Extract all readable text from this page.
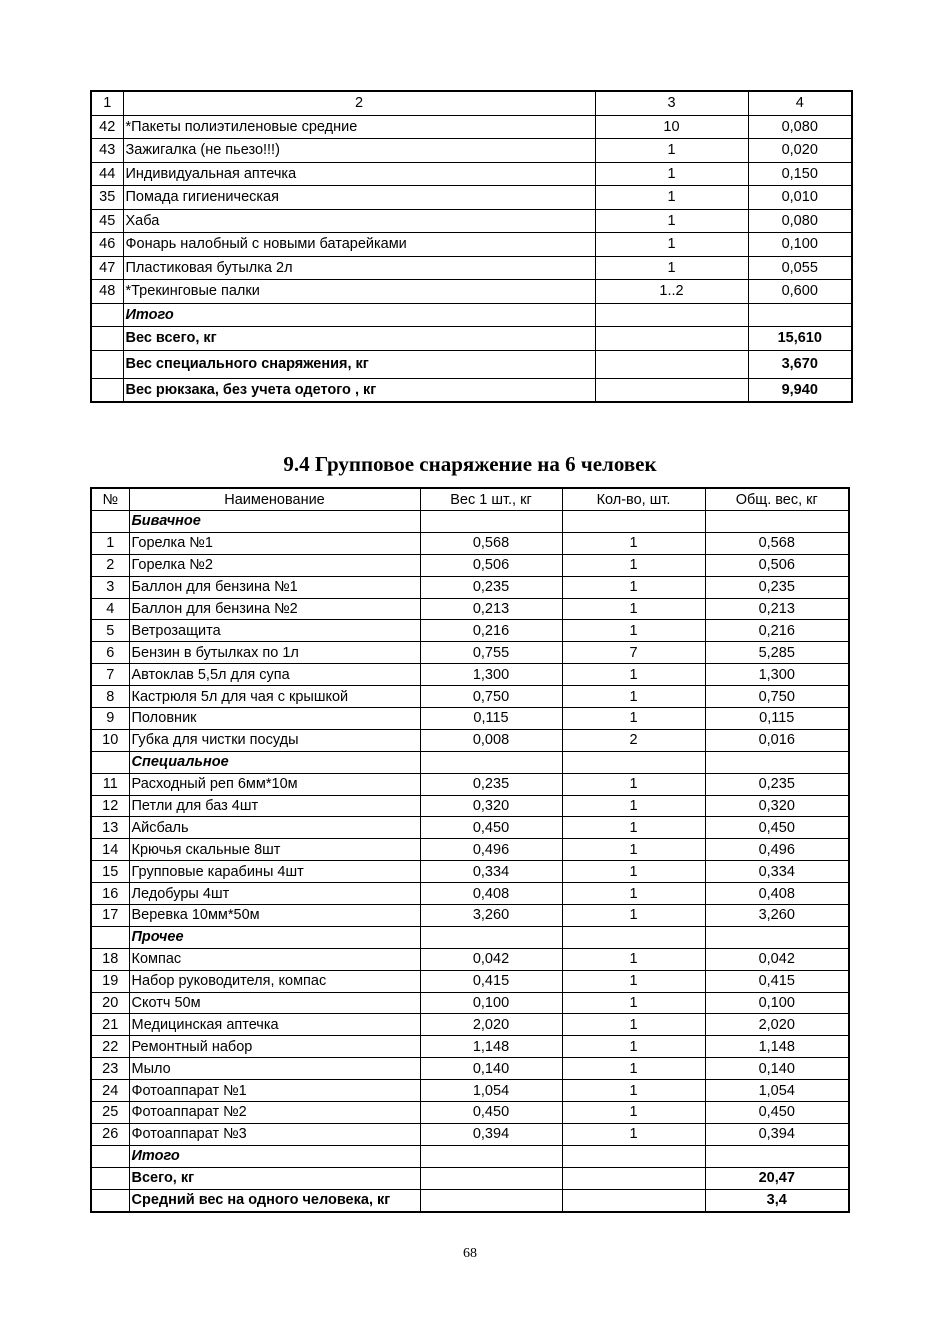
1	2	3	4
42	*Пакеты полиэтиленовые средние	10	0,080
43	Зажигалка (не пьезо!!!)	1	0,020
44	Индивидуальная аптечка	1	0,150
35	Помада гигиеническая	1	0,010
45	Хаба	1	0,080
46	Фонарь налобный с новыми батарейками	1	0,100
47	Пластиковая бутылка 2л	1	0,055
48	*Трекинговые палки	1..2	0,600
	Итого		
	Вес всего, кг		15,610
	Вес специального снаряжения, кг		3,670
	Вес рюкзака, без учета одетого , кг		9,940
9.4 Групповое снаряжение на 6 человек
№	Наименование	Вес 1 шт., кг	Кол-во, шт.	Общ. вес, кг
	Бивачное			
1	Горелка №1	0,568	1	0,568
2	Горелка №2	0,506	1	0,506
3	Баллон для бензина №1	0,235	1	0,235
4	Баллон для бензина №2	0,213	1	0,213
5	Ветрозащита	0,216	1	0,216
6	Бензин в бутылках по 1л	0,755	7	5,285
7	Автоклав 5,5л для супа	1,300	1	1,300
8	Кастрюля 5л для чая с крышкой	0,750	1	0,750
9	Половник	0,115	1	0,115
10	Губка для чистки посуды	0,008	2	0,016
	Специальное			
11	Расходный реп 6мм*10м	0,235	1	0,235
12	Петли для баз 4шт	0,320	1	0,320
13	Айсбаль	0,450	1	0,450
14	Крючья скальные 8шт	0,496	1	0,496
15	Групповые карабины 4шт	0,334	1	0,334
16	Ледобуры 4шт	0,408	1	0,408
17	Веревка 10мм*50м	3,260	1	3,260
	Прочее			
18	Компас	0,042	1	0,042
19	Набор руководителя, компас	0,415	1	0,415
20	Скотч 50м	0,100	1	0,100
21	Медицинская аптечка	2,020	1	2,020
22	Ремонтный набор	1,148	1	1,148
23	Мыло	0,140	1	0,140
24	Фотоаппарат №1	1,054	1	1,054
25	Фотоаппарат №2	0,450	1	0,450
26	Фотоаппарат №3	0,394	1	0,394
	Итого			
	Всего, кг			20,47
	Средний вес на одного человека, кг			3,4
68
